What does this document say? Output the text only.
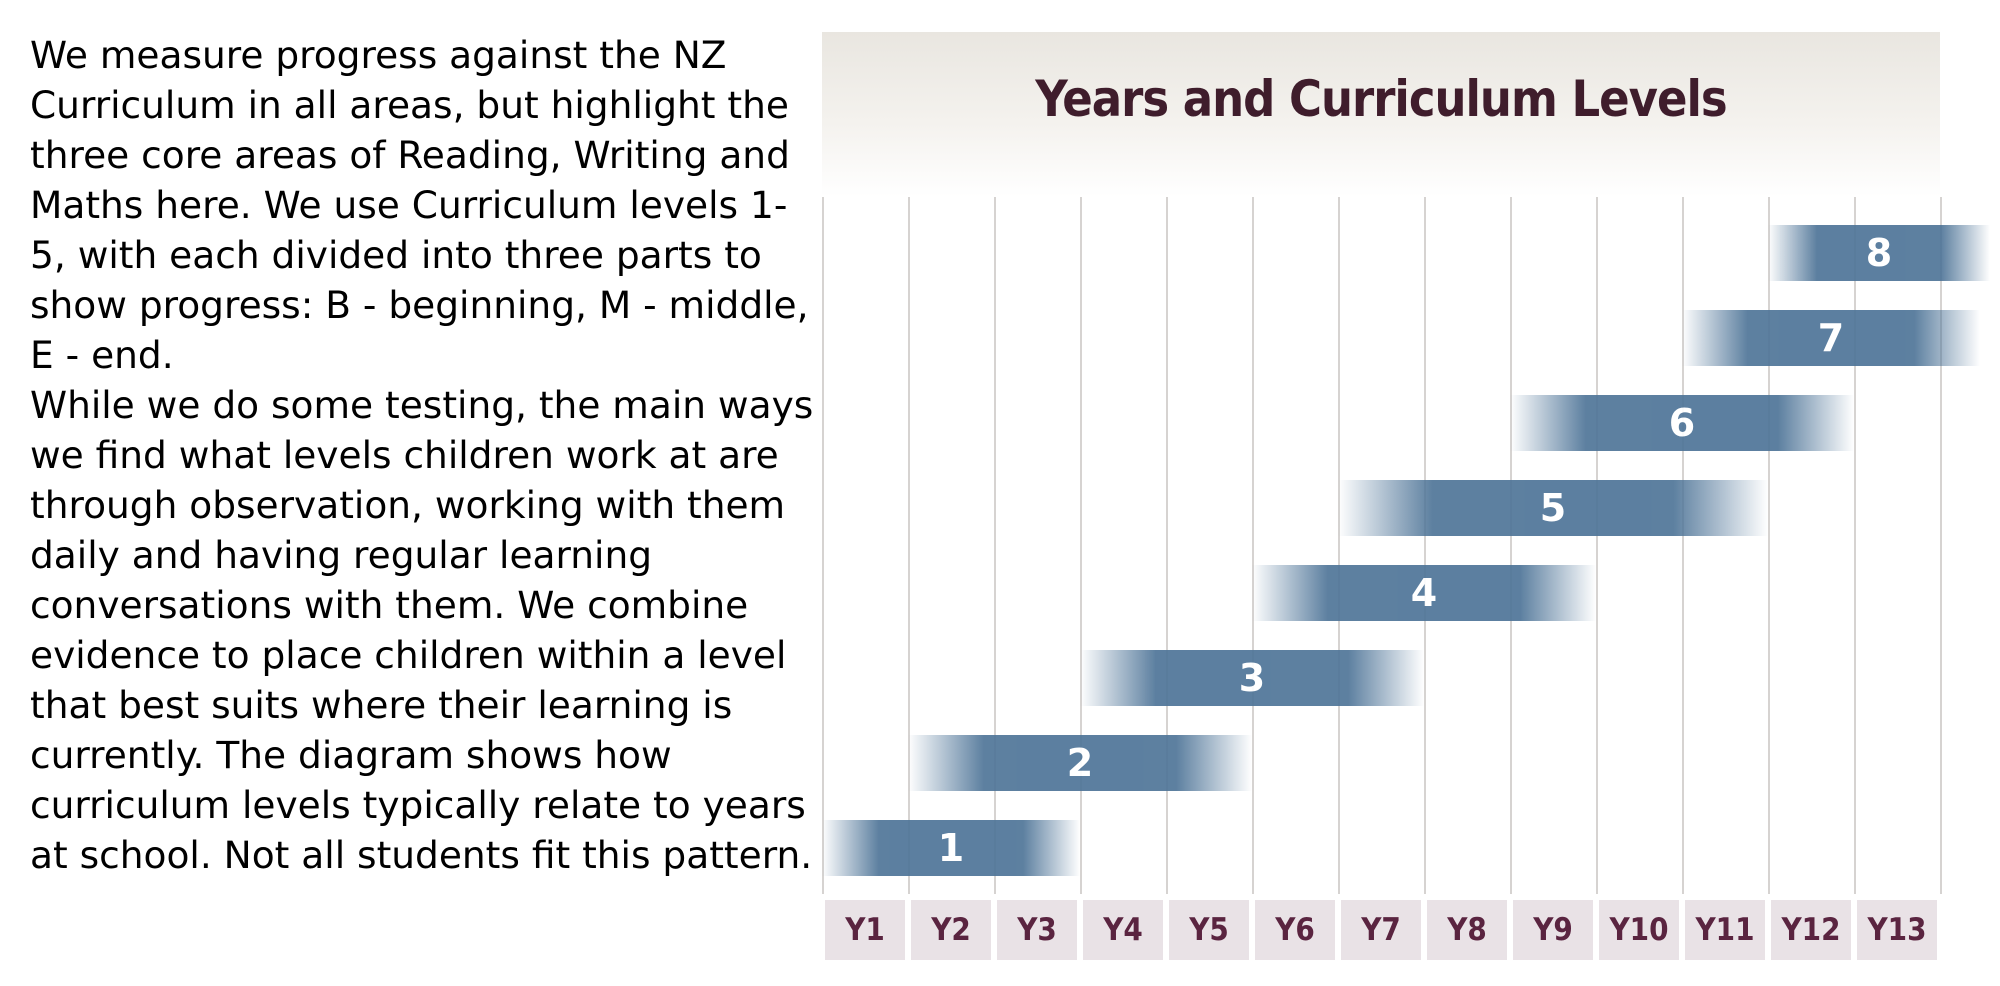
We measure progress against the NZ Curriculum in all areas, but highlight the three core areas of Reading, Writing and Maths here. We use Curriculum levels 1-5, with each divided into three parts to show progress: B - beginning, M - middle, E - end.

While we do some testing, the main ways we find what levels children work at are through observation, working with them daily and having regular learning conversations with them. We combine evidence to place children within a level that best suits where their learning is currently. The diagram shows how curriculum levels typically relate to years at school. Not all students fit this pattern.

Years and Curriculum Levels
1
2
3
4
5
6
7
8
Y1	Y2	Y3	Y4	Y5	Y6	Y7	Y8	Y9	Y10 Y11 Y12 Y13
